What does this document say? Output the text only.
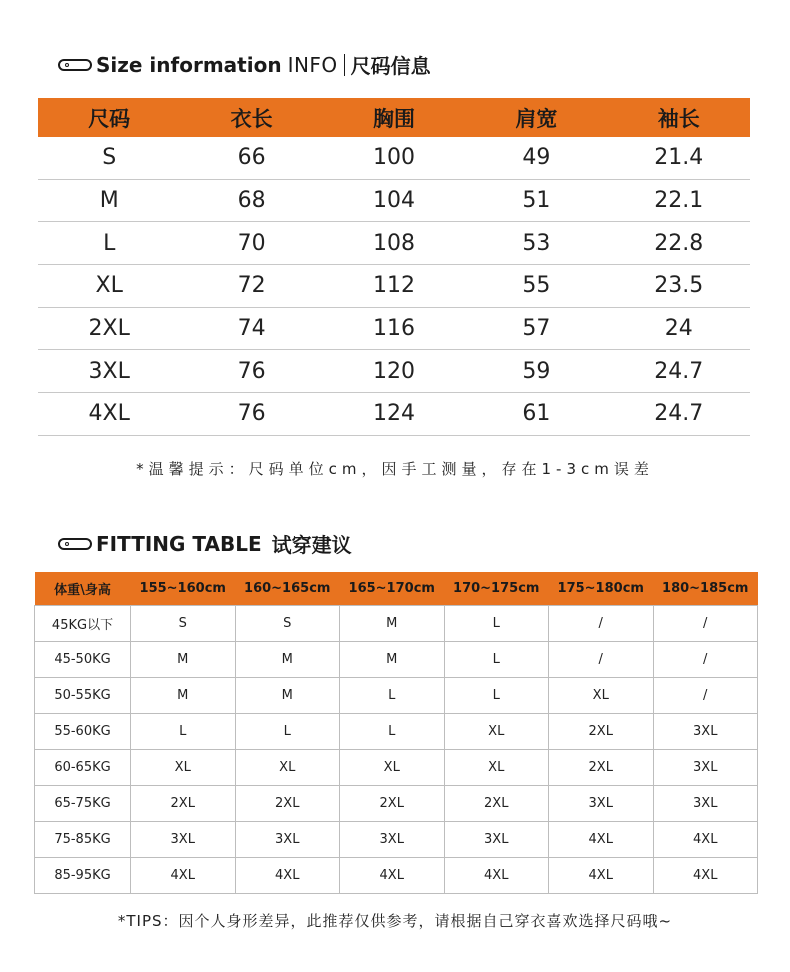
Size information INFO 尺码信息
尺码	衣长	胸围	肩宽	袖长
S	66	100	49	21.4
M	68	104	51	22.1
L	70	108	53	22.8
XL	72	112	55	23.5
2XL	74	116	57	24
3XL	76	120	59	24.7
4XL	76	124	61	24.7
*温馨提示：尺码单位cm，因手工测量，存在1-3cm误差
FITTING TABLE 试穿建议
体重\身高	155~160cm	160~165cm	165~170cm	170~175cm	175~180cm	180~185cm
45KG以下	S	S	M	L	/	/
45-50KG	M	M	M	L	/	/
50-55KG	M	M	L	L	XL	/
55-60KG	L	L	L	XL	2XL	3XL
60-65KG	XL	XL	XL	XL	2XL	3XL
65-75KG	2XL	2XL	2XL	2XL	3XL	3XL
75-85KG	3XL	3XL	3XL	3XL	4XL	4XL
85-95KG	4XL	4XL	4XL	4XL	4XL	4XL
*TIPS：因个人身形差异，此推荐仅供参考，请根据自己穿衣喜欢选择尺码哦~
